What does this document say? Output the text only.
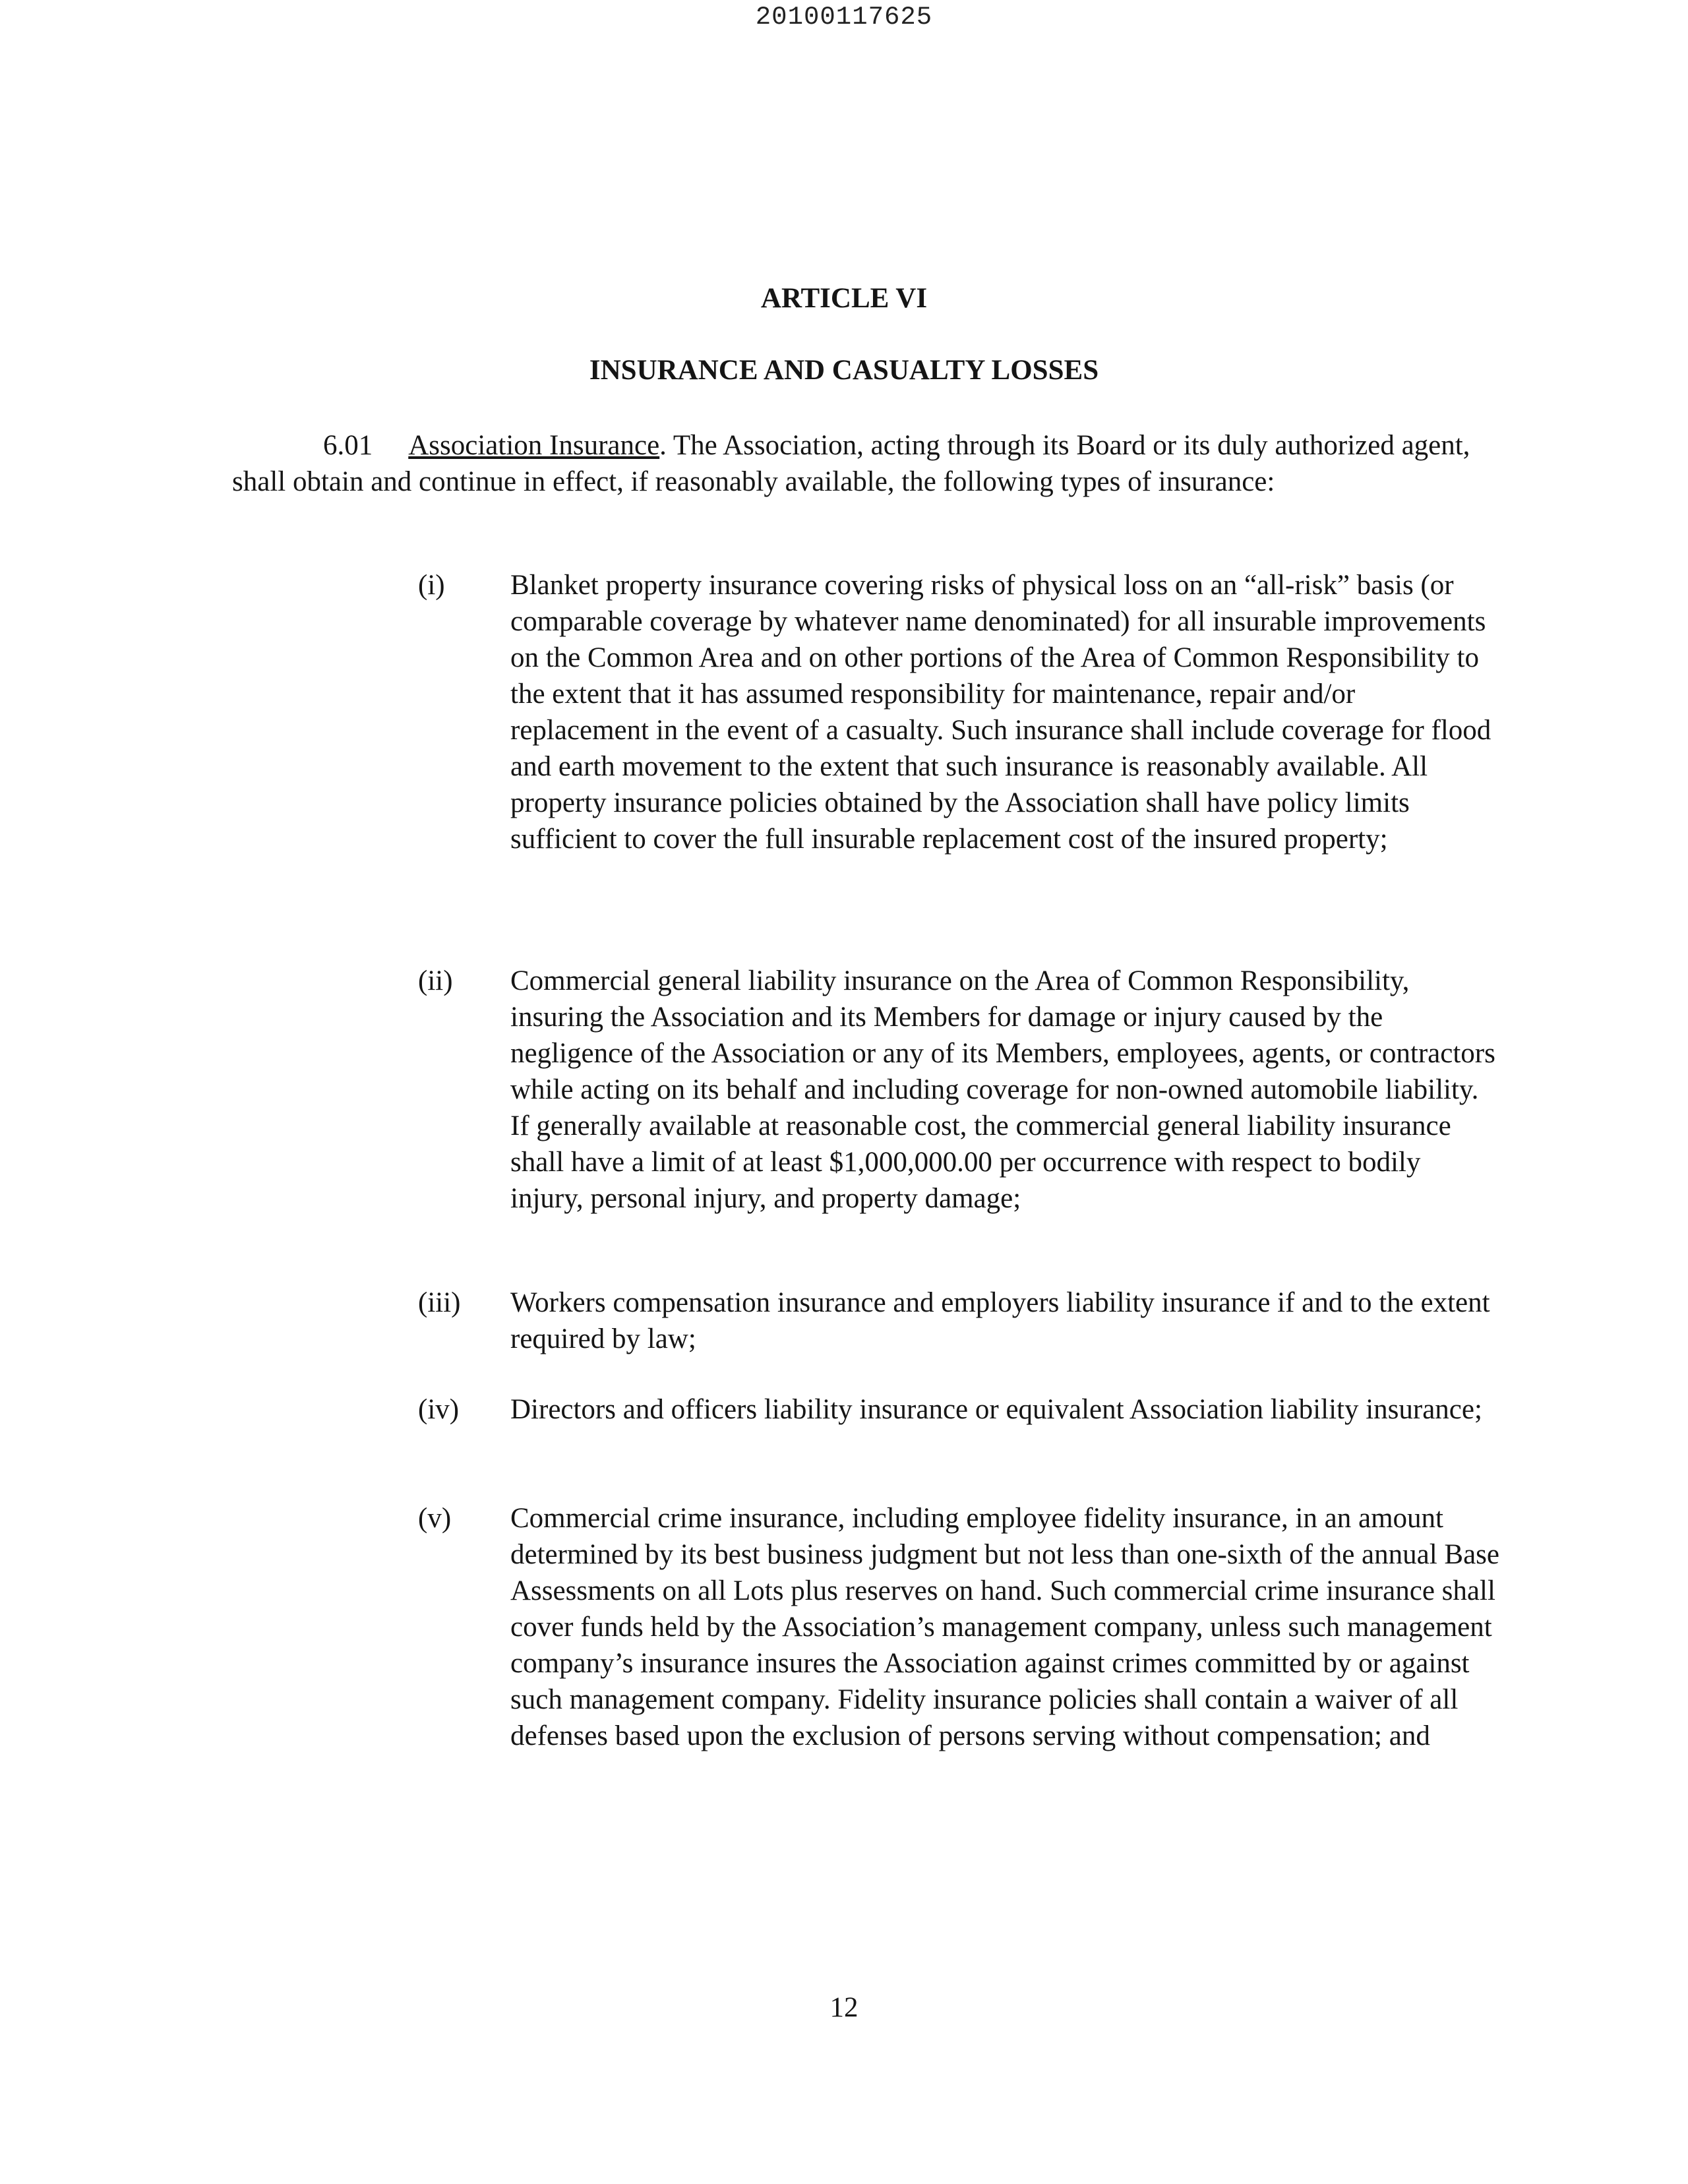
20100117625
ARTICLE VI
INSURANCE AND CASUALTY LOSSES

6.01 Association Insurance. The Association, acting through its Board or its duly authorized agent, shall obtain and continue in effect, if reasonably available, the following types of insurance:

(i) Blanket property insurance covering risks of physical loss on an “all-risk” basis (or comparable coverage by whatever name denominated) for all insurable improvements on the Common Area and on other portions of the Area of Common Responsibility to the extent that it has assumed responsibility for maintenance, repair and/or replacement in the event of a casualty. Such insurance shall include coverage for flood and earth movement to the extent that such insurance is reasonably available. All property insurance policies obtained by the Association shall have policy limits sufficient to cover the full insurable replacement cost of the insured property;
(ii) Commercial general liability insurance on the Area of Common Responsibility, insuring the Association and its Members for damage or injury caused by the negligence of the Association or any of its Members, employees, agents, or contractors while acting on its behalf and including coverage for non-owned automobile liability. If generally available at reasonable cost, the commercial general liability insurance shall have a limit of at least $1,000,000.00 per occurrence with respect to bodily injury, personal injury, and property damage;
(iii) Workers compensation insurance and employers liability insurance if and to the extent required by law;
(iv) Directors and officers liability insurance or equivalent Association liability insurance;
(v) Commercial crime insurance, including employee fidelity insurance, in an amount determined by its best business judgment but not less than one-sixth of the annual Base Assessments on all Lots plus reserves on hand. Such commercial crime insurance shall cover funds held by the Association’s management company, unless such management company’s insurance insures the Association against crimes committed by or against such management company. Fidelity insurance policies shall contain a waiver of all defenses based upon the exclusion of persons serving without compensation; and
12
